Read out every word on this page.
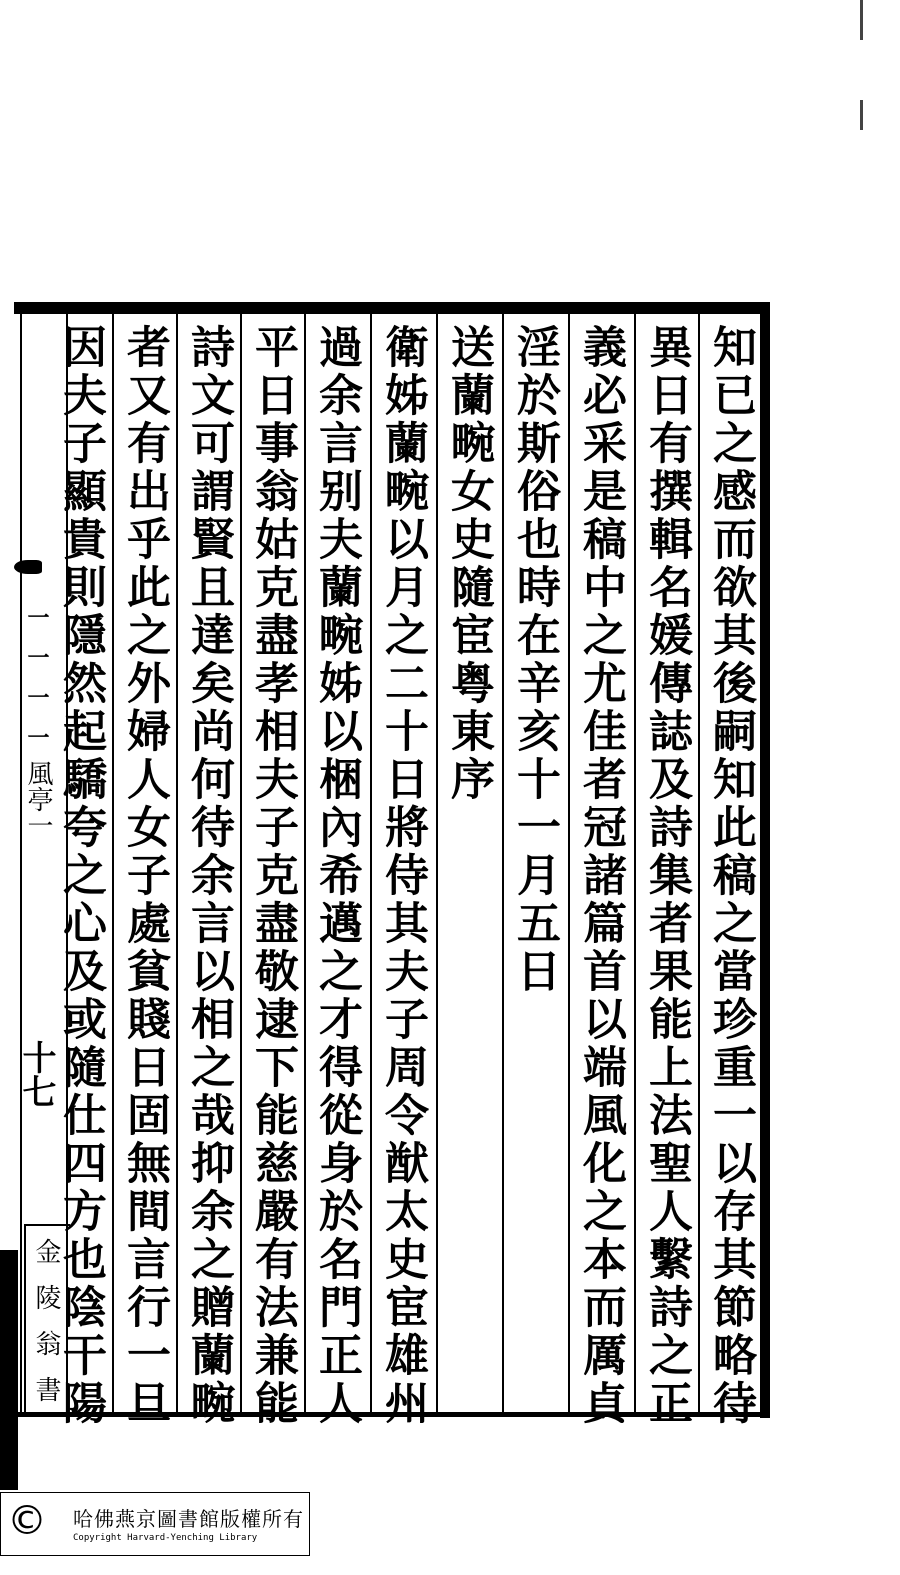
知已之感而欲其後嗣知此稿之當珍重一以存其節略待
異日有撰輯名媛傳誌及詩集者果能上法聖人繫詩之正
義必采是稿中之尤佳者冠諸篇首以端風化之本而厲貞
淫於斯俗也時在辛亥十一月五日
送蘭畹女史隨宦粤東序
衛姊蘭畹以月之二十日將侍其夫子周令猷太史宦雄州
過余言别夫蘭畹姊以梱內希邁之才得從身於名門正人
平日事翁姑克盡孝相夫子克盡敬逮下能慈嚴有法兼能
詩文可謂賢且達矣尚何待余言以相之哉抑余之贈蘭畹
者又有出乎此之外婦人女子處貧賤日固無間言行一旦
因夫子顯貴則隱然起驕夸之心及或隨仕四方也陰干陽
一一一一
風亭一
十七
金陵翁書
© 哈佛燕京圖書館版權所有
Copyright Harvard-Yenching Library
